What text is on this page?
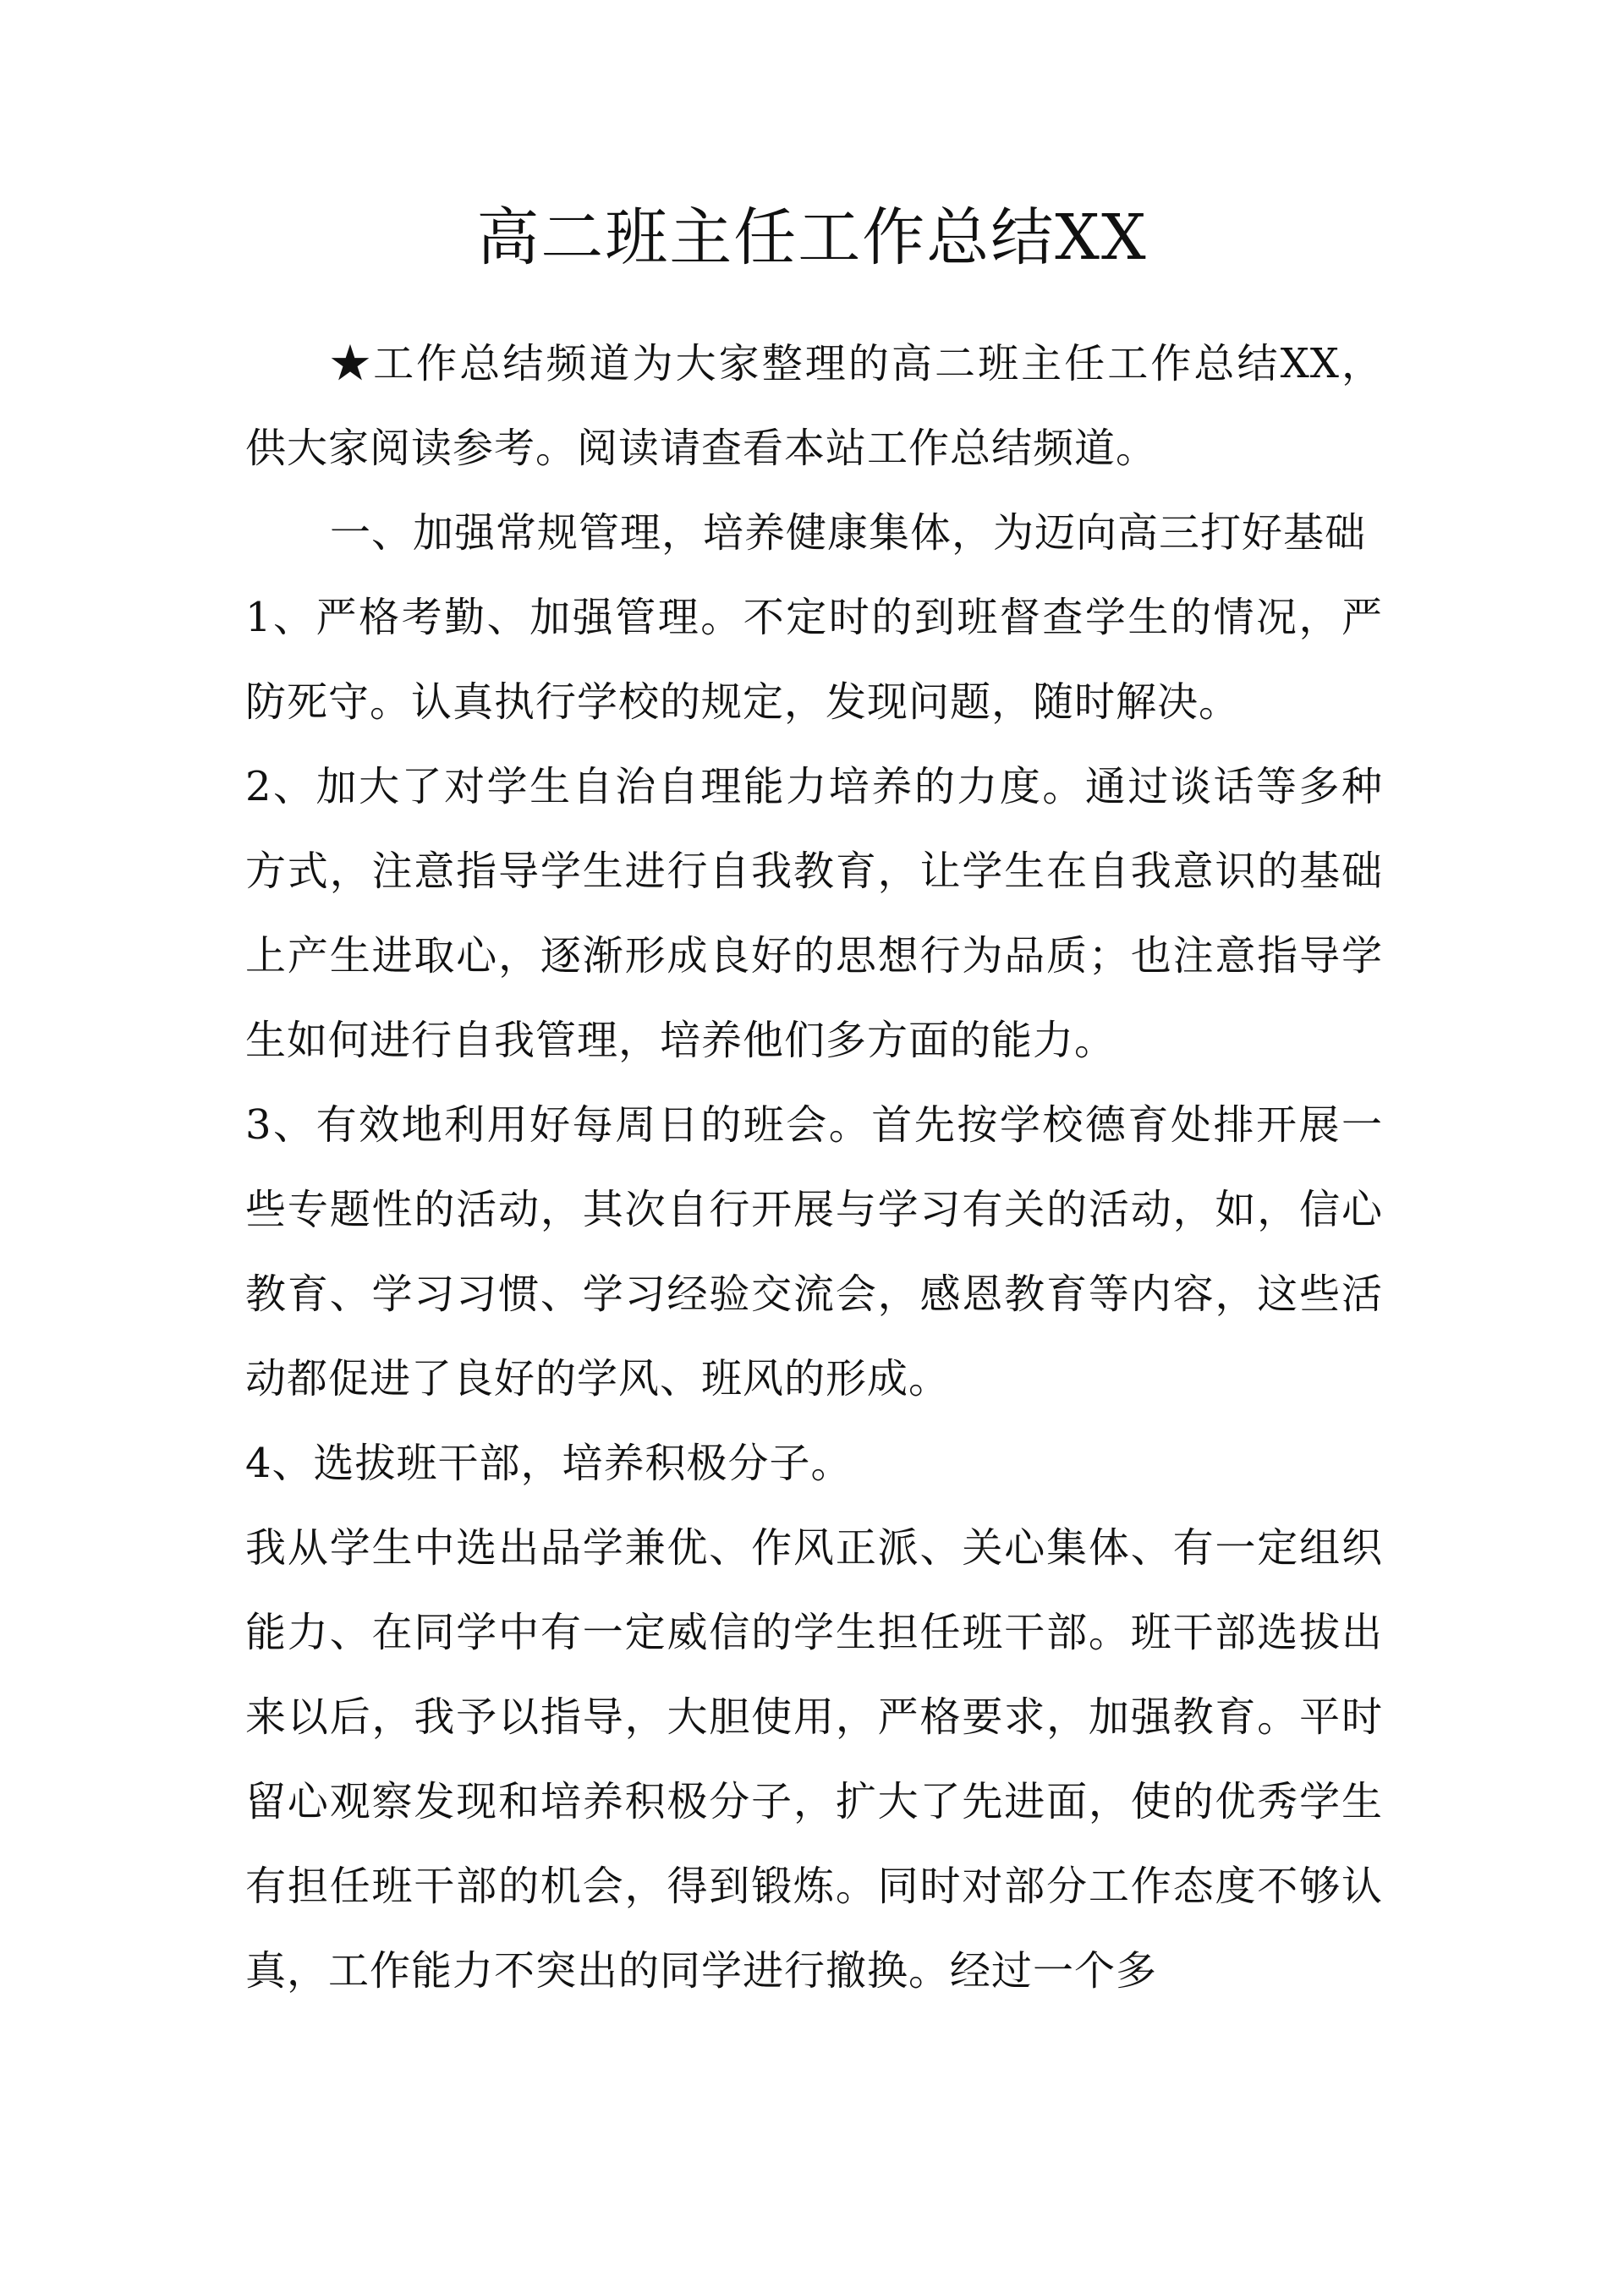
高二班主任工作总结XX

★工作总结频道为大家整理的高二班主任工作总结XX，供大家阅读参考。阅读请查看本站工作总结频道。

一、加强常规管理，培养健康集体，为迈向高三打好基础

1、严格考勤、加强管理。不定时的到班督查学生的情况，严防死守。认真执行学校的规定，发现问题，随时解决。

2、加大了对学生自治自理能力培养的力度。通过谈话等多种方式，注意指导学生进行自我教育，让学生在自我意识的基础上产生进取心，逐渐形成良好的思想行为品质；也注意指导学生如何进行自我管理，培养他们多方面的能力。

3、有效地利用好每周日的班会。首先按学校德育处排开展一些专题性的活动，其次自行开展与学习有关的活动，如，信心教育、学习习惯、学习经验交流会，感恩教育等内容，这些活动都促进了良好的学风、班风的形成。

4、选拔班干部，培养积极分子。

我从学生中选出品学兼优、作风正派、关心集体、有一定组织能力、在同学中有一定威信的学生担任班干部。班干部选拔出来以后，我予以指导，大胆使用，严格要求，加强教育。平时留心观察发现和培养积极分子，扩大了先进面，使的优秀学生有担任班干部的机会，得到锻炼。同时对部分工作态度不够认真，工作能力不突出的同学进行撤换。经过一个多
